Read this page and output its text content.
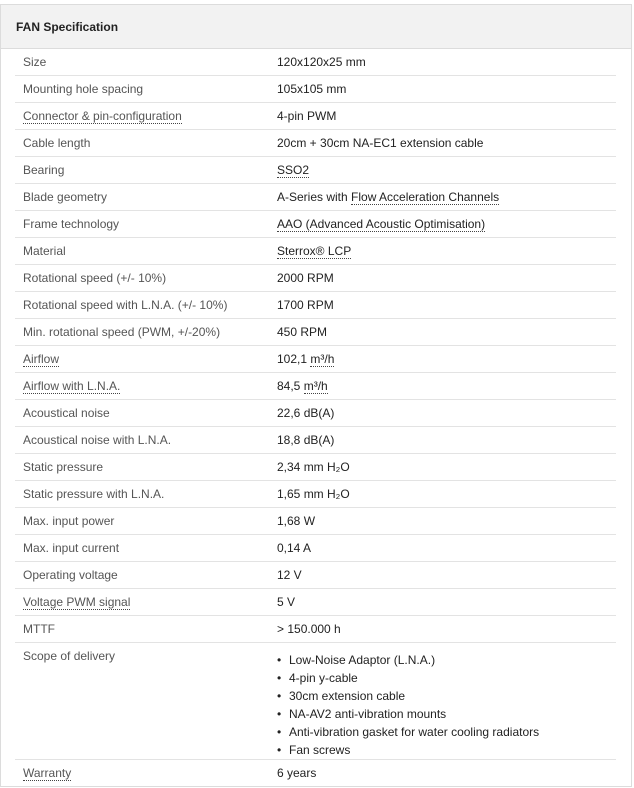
FAN Specification
Size	120x120x25 mm
Mounting hole spacing	105x105 mm
Connector & pin-configuration	4-pin PWM
Cable length	20cm + 30cm NA-EC1 extension cable
Bearing	SSO2
Blade geometry	A-Series with Flow Acceleration Channels
Frame technology	AAO (Advanced Acoustic Optimisation)
Material	Sterrox® LCP
Rotational speed (+/- 10%)	2000 RPM
Rotational speed with L.N.A. (+/- 10%)	1700 RPM
Min. rotational speed (PWM, +/-20%)	450 RPM
Airflow	102,1 m³/h
Airflow with L.N.A.	84,5 m³/h
Acoustical noise	22,6 dB(A)
Acoustical noise with L.N.A.	18,8 dB(A)
Static pressure	2,34 mm H₂O
Static pressure with L.N.A.	1,65 mm H₂O
Max. input power	1,68 W
Max. input current	0,14 A
Operating voltage	12 V
Voltage PWM signal	5 V
MTTF	> 150.000 h
Scope of delivery
•	Low-Noise Adaptor (L.N.A.)
• 4-pin y-cable
• 30cm extension cable
• NA-AV2 anti-vibration mounts
• Anti-vibration gasket for water cooling radiators
• Fan screws
Warranty	6 years
